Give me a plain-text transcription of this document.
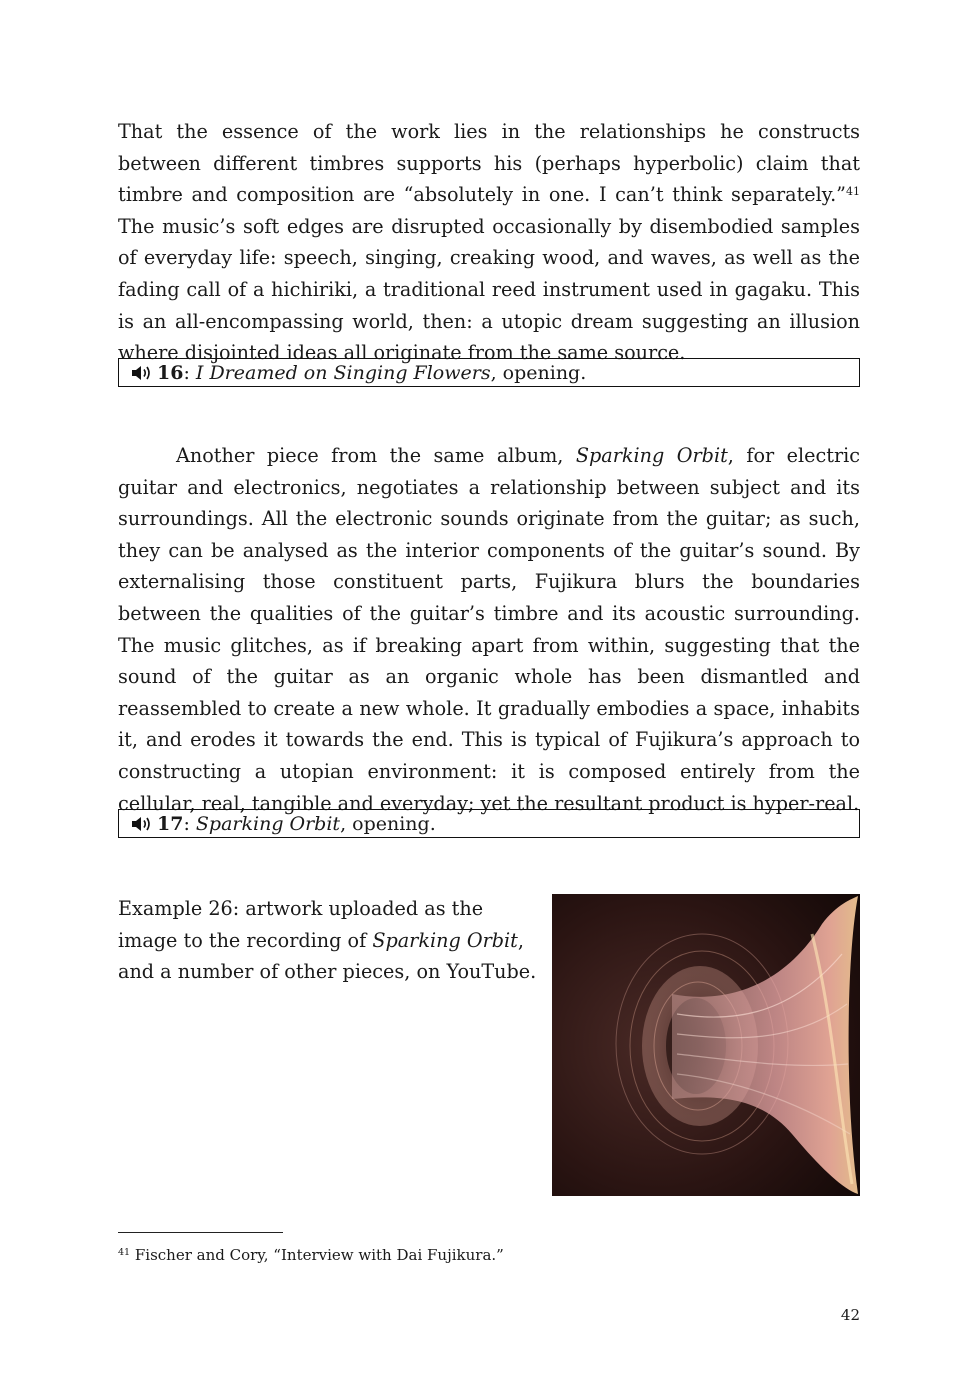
That the essence of the work lies in the relationships he constructs between different timbres supports his (perhaps hyperbolic) claim that timbre and composition are “absolutely in one. I can’t think separately.”$^{41}$ The music’s soft edges are disrupted occasionally by disembodied samples of everyday life: speech, singing, creaking wood, and waves, as well as the fading call of a hichiriki, a traditional reed instrument used in gagaku. This is an all-encompassing world, then: a utopic dream suggesting an illusion where disjointed ideas all originate from the same source.

16: I Dreamed on Singing Flowers, opening.

Another piece from the same album, Sparking Orbit, for electric guitar and electronics, negotiates a relationship between subject and its surroundings. All the electronic sounds originate from the guitar; as such, they can be analysed as the interior components of the guitar’s sound. By externalising those constituent parts, Fujikura blurs the boundaries between the qualities of the guitar’s timbre and its acoustic surrounding. The music glitches, as if breaking apart from within, suggesting that the sound of the guitar as an organic whole has been dismantled and reassembled to create a new whole. It gradually embodies a space, inhabits it, and erodes it towards the end. This is typical of Fujikura’s approach to constructing a utopian environment: it is composed entirely from the cellular, real, tangible and everyday; yet the resultant product is hyper-real.

17: Sparking Orbit, opening.

Example 26: artwork uploaded as the image to the recording of Sparking Orbit, and a number of other pieces, on YouTube.

$^{41}$ Fischer and Cory, “Interview with Dai Fujikura.”
42
